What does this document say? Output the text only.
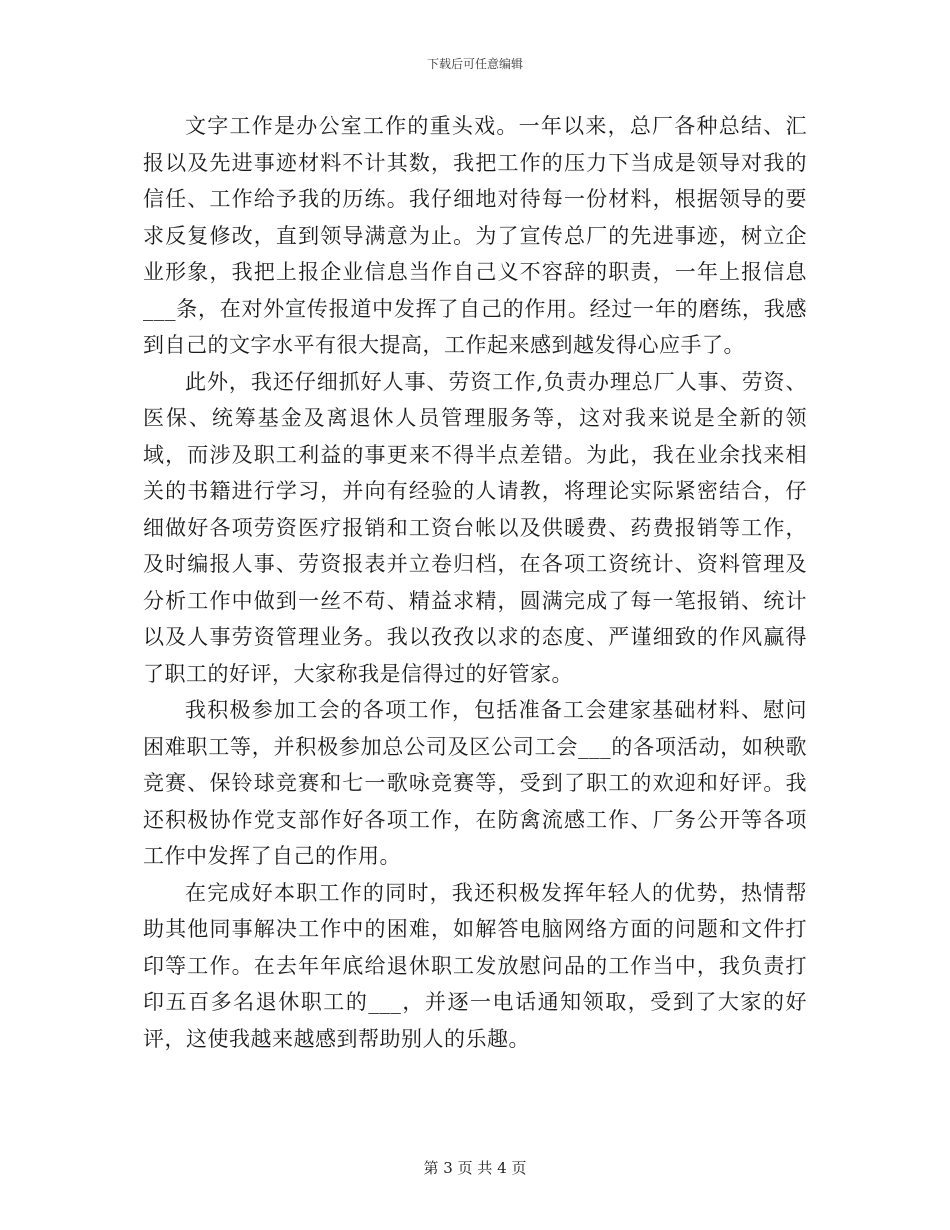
下载后可任意编辑

文字工作是办公室工作的重头戏。一年以来，总厂各种总结、汇报以及先进事迹材料不计其数，我把工作的压力下当成是领导对我的信任、工作给予我的历练。我仔细地对待每一份材料，根据领导的要求反复修改，直到领导满意为止。为了宣传总厂的先进事迹，树立企业形象，我把上报企业信息当作自己义不容辞的职责，一年上报信息___条，在对外宣传报道中发挥了自己的作用。经过一年的磨练，我感到自己的文字水平有很大提高，工作起来感到越发得心应手了。

此外，我还仔细抓好人事、劳资工作,负责办理总厂人事、劳资、医保、统筹基金及离退休人员管理服务等，这对我来说是全新的领域，而涉及职工利益的事更来不得半点差错。为此，我在业余找来相关的书籍进行学习，并向有经验的人请教，将理论实际紧密结合，仔细做好各项劳资医疗报销和工资台帐以及供暖费、药费报销等工作，及时编报人事、劳资报表并立卷归档，在各项工资统计、资料管理及分析工作中做到一丝不苟、精益求精，圆满完成了每一笔报销、统计以及人事劳资管理业务。我以孜孜以求的态度、严谨细致的作风赢得了职工的好评，大家称我是信得过的好管家。

我积极参加工会的各项工作，包括准备工会建家基础材料、慰问困难职工等，并积极参加总公司及区公司工会___的各项活动，如秧歌竞赛、保铃球竞赛和七一歌咏竞赛等，受到了职工的欢迎和好评。我还积极协作党支部作好各项工作，在防禽流感工作、厂务公开等各项工作中发挥了自己的作用。

在完成好本职工作的同时，我还积极发挥年轻人的优势，热情帮助其他同事解决工作中的困难，如解答电脑网络方面的问题和文件打印等工作。在去年年底给退休职工发放慰问品的工作当中，我负责打印五百多名退休职工的___，并逐一电话通知领取，受到了大家的好评，这使我越来越感到帮助别人的乐趣。

第 3 页 共 4 页
